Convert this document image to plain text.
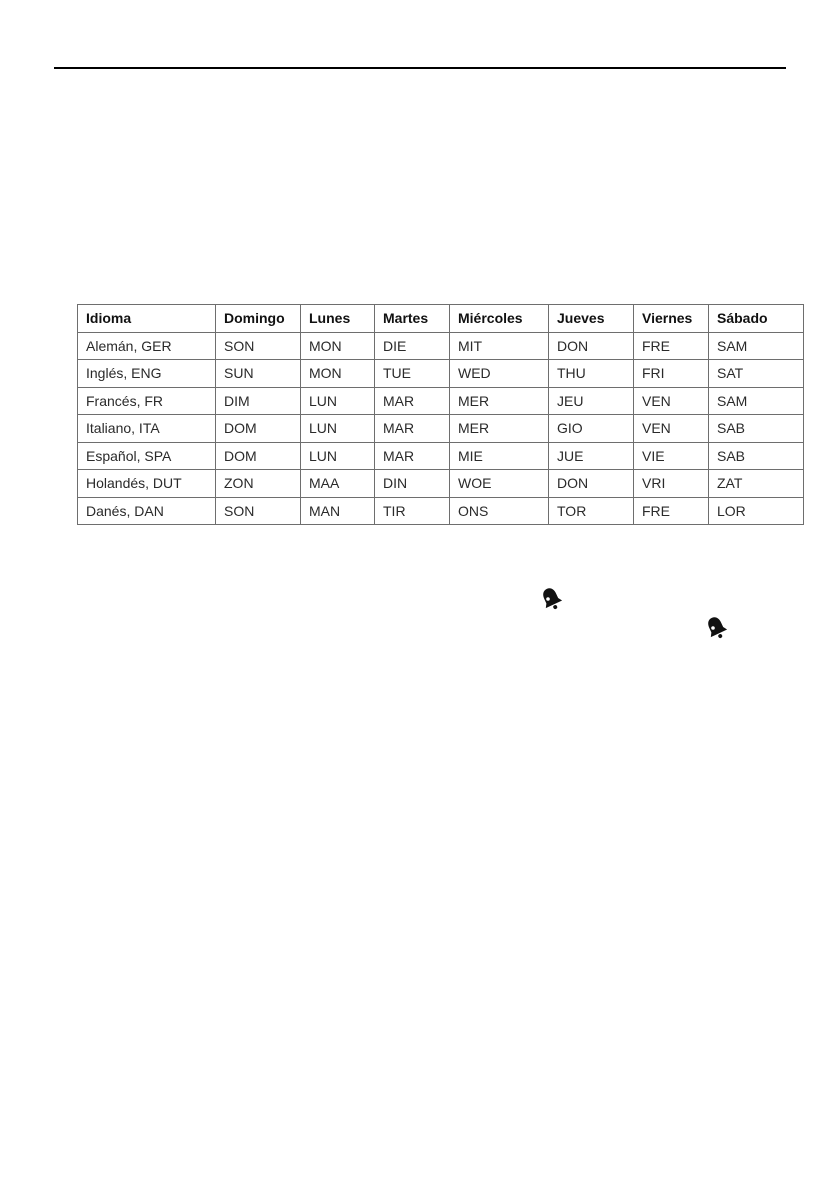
Idioma	Domingo	Lunes	Martes	Miércoles	Jueves	Viernes	Sábado
Alemán, GER	SON	MON	DIE	MIT	DON	FRE	SAM
Inglés, ENG	SUN	MON	TUE	WED	THU	FRI	SAT
Francés, FR	DIM	LUN	MAR	MER	JEU	VEN	SAM
Italiano, ITA	DOM	LUN	MAR	MER	GIO	VEN	SAB
Español, SPA	DOM	LUN	MAR	MIE	JUE	VIE	SAB
Holandés, DUT	ZON	MAA	DIN	WOE	DON	VRI	ZAT
Danés, DAN	SON	MAN	TIR	ONS	TOR	FRE	LOR
